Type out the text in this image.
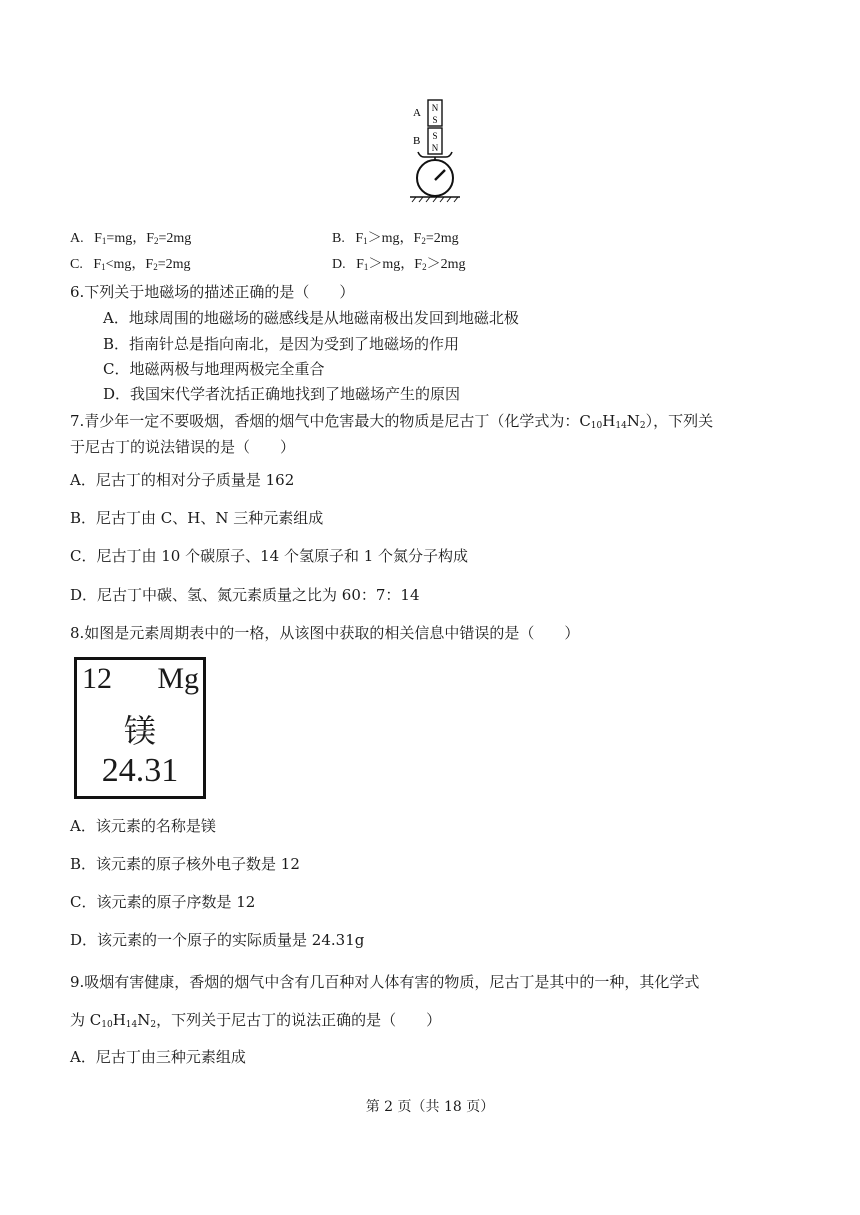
N
S
S
N
A
B
A. $F_1=mg$，$F_2=2mg$	B. $F_1>mg$，$F_2=2mg$
C. $F_1<mg$，$F_2=2mg$	D. $F_1>mg$，$F_2>2mg$
6.下列关于地磁场的描述正确的是（　　）
A．地球周围的地磁场的磁感线是从地磁南极出发回到地磁北极
B．指南针总是指向南北，是因为受到了地磁场的作用
C．地磁两极与地理两极完全重合
D．我国宋代学者沈括正确地找到了地磁场产生的原因
7.青少年一定不要吸烟，香烟的烟气中危害最大的物质是尼古丁（化学式为：$C_{10}H_{14}N_2$），下列关
于尼古丁的说法错误的是（　　）
A．尼古丁的相对分子质量是 162
B．尼古丁由 C、H、N 三种元素组成
C．尼古丁由 10 个碳原子、14 个氢原子和 1 个氮分子构成
D．尼古丁中碳、氢、氮元素质量之比为 60：7：14
8.如图是元素周期表中的一格，从该图中获取的相关信息中错误的是（　　）
12 Mg
镁
24.31
A．该元素的名称是镁
B．该元素的原子核外电子数是 12
C．该元素的原子序数是 12
D．该元素的一个原子的实际质量是 24.31g
9.吸烟有害健康，香烟的烟气中含有几百种对人体有害的物质，尼古丁是其中的一种，其化学式
为 $C_{10}H_{14}N_2$，下列关于尼古丁的说法正确的是（　　）
A．尼古丁由三种元素组成
第 2 页（共 18 页）
